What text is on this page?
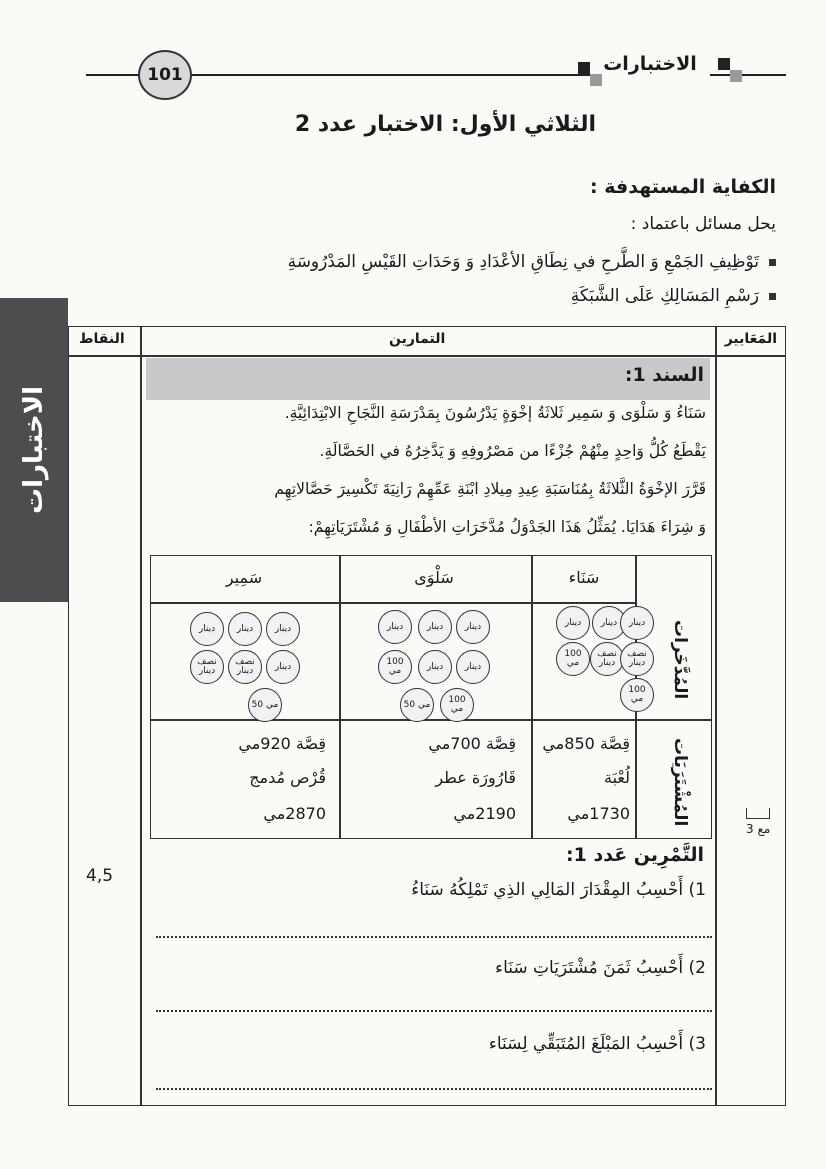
101	الاختبارات
الاختبارات
الثلاثي الأول: الاختبار عدد 2
الكفاية المستهدفة :
يحل مسائل باعتماد :
تَوْظِيفِ الجَمْعِ وَ الطَّرحِ في نِطَاقِ الأعْدَادِ وَ وَحَدَاتِ القَيْسِ المَدْرُوسَةِ
رَسْمِ المَسَالِكِ عَلَى الشَّبَكَةِ
المَعَايير
التمارين
النقاط
السند 1:
سَنَاءُ وَ سَلْوَى وَ سَمِير ثَلاثَةُ إخْوَةٍ يَدْرُسُونَ بِمَدْرَسَةِ النَّجَاحِ الابْتِدَائِيَّةِ.
يَقْطَعُ كُلُّ وَاحِدٍ مِنْهُمْ جُزْءًا من مَصْرُوفِهِ وَ يَدَّخِرُهُ في الحَصَّالَةِ.
قَرَّرَ الإخْوَةُ الثَّلاثَةُ بِمُنَاسَبَةِ عِيدِ مِيلادِ ابْنَةِ عَمِّهِمْ رَانِيَةَ تَكْسِيرَ حَصَّالاتِهِم
وَ شِرَاءَ هَدَايَا. يُمَثِّلُ هَذَا الجَدْوَلُ مُدَّخَرَاتِ الأطْفَالِ وَ مُشْتَرَيَاتِهِمْ:
سَنَاء
سَلْوَى
سَمِير
المُدَّخَرات
المُشْتَرَيَات
دينار
دينار	دينار
نصف دينار
نصف دينار
100 مي
100 مي
دينار
دينار
دينار
دينار
دينار
100 مي
100 مي
50 مي
دينار
دينار
دينار
دينار
نصف دينار
نصف دينار
50 مي
قِصَّة 850مي
لُعْبَة
1730مي
قِصَّة 700مي
قَارُورَة عطر
2190مي
قِصَّة 920مي
قُرْص مُدمج
2870مي
التَّمْرِين عَدد 1:
4,5
مع 3
1) أَحْسِبُ المِقْدَارَ المَالِي الذِي تَمْلِكُهُ سَنَاءُ
2) أَحْسِبُ ثَمَنَ مُشْتَرَيَاتِ سَنَاء
3) أَحْسِبُ المَبْلَغَ المُتَبَقِّي لِسَنَاء
